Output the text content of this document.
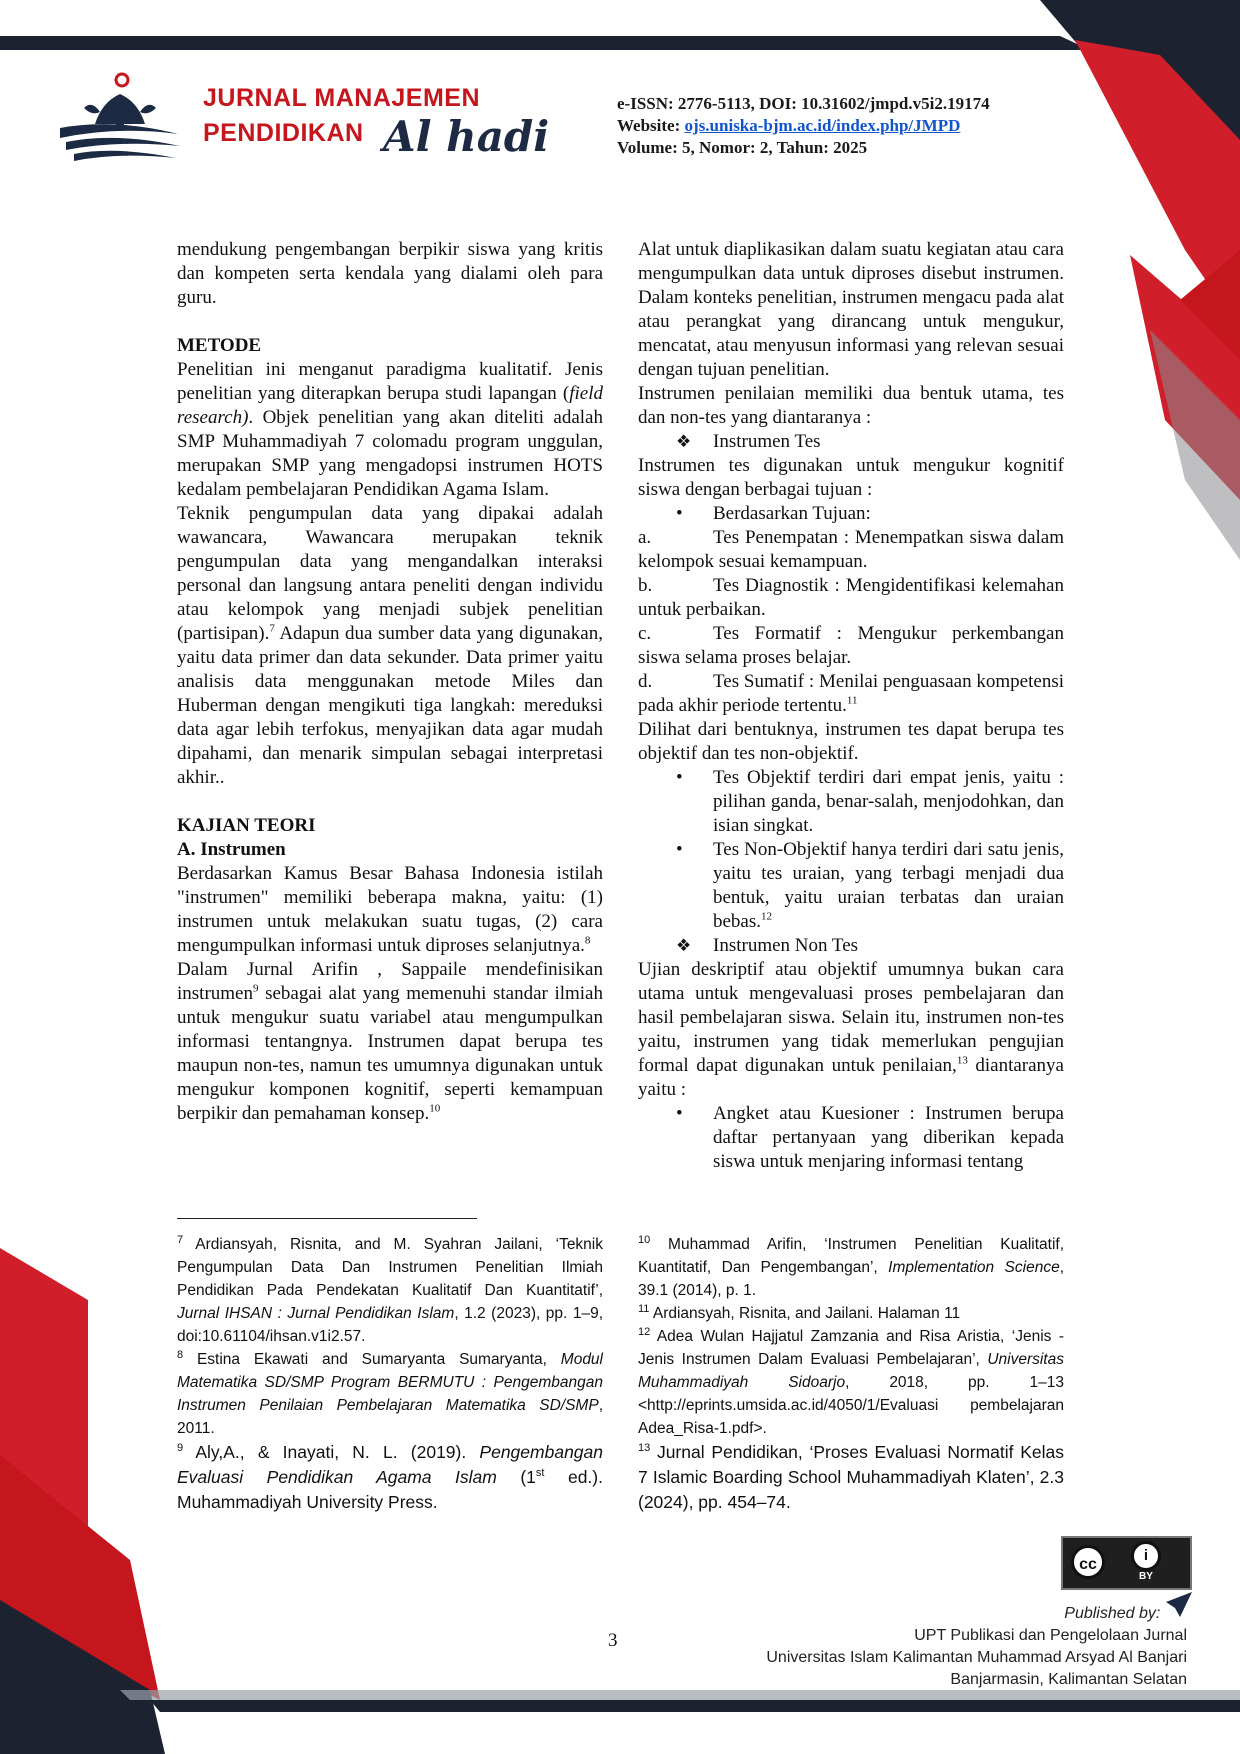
JURNAL MANAJEMEN
PENDIDIKAN Al hadi
e-ISSN: 2776-5113, DOI: 10.31602/jmpd.v5i2.19174
Website: ojs.uniska-bjm.ac.id/index.php/JMPD
Volume: 5, Nomor: 2, Tahun: 2025

mendukung pengembangan berpikir siswa yang kritis dan kompeten serta kendala yang dialami oleh para guru.

METODE

Penelitian ini menganut paradigma kualitatif. Jenis penelitian yang diterapkan berupa studi lapangan (field research). Objek penelitian yang akan diteliti adalah SMP Muhammadiyah 7 colomadu program unggulan, merupakan SMP yang mengadopsi instrumen HOTS kedalam pembelajaran Pendidikan Agama Islam.

Teknik pengumpulan data yang dipakai adalah wawancara, Wawancara merupakan teknik pengumpulan data yang mengandalkan interaksi personal dan langsung antara peneliti dengan individu atau kelompok yang menjadi subjek penelitian (partisipan).$^7$ Adapun dua sumber data yang digunakan, yaitu data primer dan data sekunder. Data primer yaitu analisis data menggunakan metode Miles dan Huberman dengan mengikuti tiga langkah: mereduksi data agar lebih terfokus, menyajikan data agar mudah dipahami, dan menarik simpulan sebagai interpretasi akhir..

KAJIAN TEORI

A. Instrumen

Berdasarkan Kamus Besar Bahasa Indonesia istilah "instrumen" memiliki beberapa makna, yaitu: (1) instrumen untuk melakukan suatu tugas, (2) cara mengumpulkan informasi untuk diproses selanjutnya.$^8$

Dalam Jurnal Arifin , Sappaile mendefinisikan instrumen$^9$ sebagai alat yang memenuhi standar ilmiah untuk mengukur suatu variabel atau mengumpulkan informasi tentangnya. Instrumen dapat berupa tes maupun non-tes, namun tes umumnya digunakan untuk mengukur komponen kognitif, seperti kemampuan berpikir dan pemahaman konsep.$^{10}$

Alat untuk diaplikasikan dalam suatu kegiatan atau cara mengumpulkan data untuk diproses disebut instrumen. Dalam konteks penelitian, instrumen mengacu pada alat atau perangkat yang dirancang untuk mengukur, mencatat, atau menyusun informasi yang relevan sesuai dengan tujuan penelitian.

Instrumen penilaian memiliki dua bentuk utama, tes dan non-tes yang diantaranya :

❖ Instrumen Tes

Instrumen tes digunakan untuk mengukur kognitif siswa dengan berbagai tujuan :

• Berdasarkan Tujuan:

a.	Tes Penempatan : Menempatkan siswa dalam kelompok sesuai kemampuan.

b.	Tes Diagnostik : Mengidentifikasi kelemahan untuk perbaikan.

c.	Tes Formatif : Mengukur perkembangan siswa selama proses belajar.

d.	Tes Sumatif : Menilai penguasaan kompetensi pada akhir periode tertentu.$^{11}$

Dilihat dari bentuknya, instrumen tes dapat berupa tes objektif dan tes non-objektif.

• Tes Objektif terdiri dari empat jenis, yaitu : pilihan ganda, benar-salah, menjodohkan, dan isian singkat.

• Tes Non-Objektif hanya terdiri dari satu jenis, yaitu tes uraian, yang terbagi menjadi dua bentuk, yaitu uraian terbatas dan uraian bebas.$^{12}$

❖ Instrumen Non Tes

Ujian deskriptif atau objektif umumnya bukan cara utama untuk mengevaluasi proses pembelajaran dan hasil pembelajaran siswa. Selain itu, instrumen non-tes yaitu, instrumen yang tidak memerlukan pengujian formal dapat digunakan untuk penilaian,$^{13}$ diantaranya yaitu :

• Angket atau Kuesioner : Instrumen berupa daftar pertanyaan yang diberikan kepada siswa untuk menjaring informasi tentang

$^7$ Ardiansyah, Risnita, and M. Syahran Jailani, ‘Teknik Pengumpulan Data Dan Instrumen Penelitian Ilmiah Pendidikan Pada Pendekatan Kualitatif Dan Kuantitatif’, Jurnal IHSAN : Jurnal Pendidikan Islam, 1.2 (2023), pp. 1–9, doi:10.61104/ihsan.v1i2.57.

$^8$ Estina Ekawati and Sumaryanta Sumaryanta, Modul Matematika SD/SMP Program BERMUTU : Pengembangan Instrumen Penilaian Pembelajaran Matematika SD/SMP, 2011.

$^9$ Aly,A., & Inayati, N. L. (2019). Pengembangan Evaluasi Pendidikan Agama Islam (1st ed.). Muhammadiyah University Press.

$^{10}$ Muhammad Arifin, ‘Instrumen Penelitian Kualitatif, Kuantitatif, Dan Pengembangan’, Implementation Science, 39.1 (2014), p. 1.

$^{11}$ Ardiansyah, Risnita, and Jailani. Halaman 11

$^{12}$ Adea Wulan Hajjatul Zamzania and Risa Aristia, ‘Jenis - Jenis Instrumen Dalam Evaluasi Pembelajaran’, Universitas Muhammadiyah Sidoarjo, 2018, pp. 1–13 <http://eprints.umsida.ac.id/4050/1/Evaluasi pembelajaran Adea_Risa-1.pdf>.

$^{13}$ Jurnal Pendidikan, ‘Proses Evaluasi Normatif Kelas 7 Islamic Boarding School Muhammadiyah Klaten’, 2.3 (2024), pp. 454–74.

3
cc
i
BY
Published by:
UPT Publikasi dan Pengelolaan Jurnal
Universitas Islam Kalimantan Muhammad Arsyad Al Banjari
Banjarmasin, Kalimantan Selatan
